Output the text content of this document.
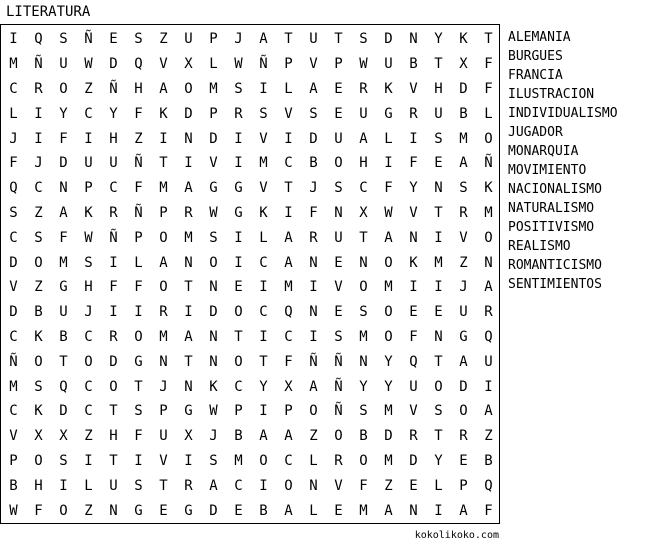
LITERATURA
I	Q	S	Ñ	E	S	Z	U	P	J	A	T	U	T	S	D	N	Y	K	T
M	Ñ	U	W	D	Q	V	X	L	W	Ñ	P	V	P	W	U	B	T	X	F
C	R	O	Z	Ñ	H	A	O	M	S	I	L	A	E	R	K	V	H	D	F
L	I	Y	C	Y	F	K	D	P	R	S	V	S	E	U	G	R	U	B	L
J	I	F	I	H	Z	I	N	D	I	V	I	D	U	A	L	I	S	M	O
F	J	D	U	U	Ñ	T	I	V	I	M	C	B	O	H	I	F	E	A	Ñ
Q	C	N	P	C	F	M	A	G	G	V	T	J	S	C	F	Y	N	S	K
S	Z	A	K	R	Ñ	P	R	W	G	K	I	F	N	X	W	V	T	R	M
C	S	F	W	Ñ	P	O	M	S	I	L	A	R	U	T	A	N	I	V	O
D	O	M	S	I	L	A	N	O	I	C	A	N	E	N	O	K	M	Z	N
V	Z	G	H	F	F	O	T	N	E	I	M	I	V	O	M	I	I	J	A
D	B	U	J	I	I	R	I	D	O	C	Q	N	E	S	O	E	E	U	R
C	K	B	C	R	O	M	A	N	T	I	C	I	S	M	O	F	N	G	Q
Ñ	O	T	O	D	G	N	T	N	O	T	F	Ñ	Ñ	N	Y	Q	T	A	U
M	S	Q	C	O	T	J	N	K	C	Y	X	A	Ñ	Y	Y	U	O	D	I
C	K	D	C	T	S	P	G	W	P	I	P	O	Ñ	S	M	V	S	O	A
V	X	X	Z	H	F	U	X	J	B	A	A	Z	O	B	D	R	T	R	Z
P	O	S	I	T	I	V	I	S	M	O	C	L	R	O	M	D	Y	E	B
B	H	I	L	U	S	T	R	A	C	I	O	N	V	F	Z	E	L	P	Q
W	F	O	Z	N	G	E	G	D	E	B	A	L	E	M	A	N	I	A	F
ALEMANIA
BURGUES
FRANCIA
ILUSTRACION
INDIVIDUALISMO
JUGADOR
MONARQUIA
MOVIMIENTO
NACIONALISMO
NATURALISMO
POSITIVISMO
REALISMO
ROMANTICISMO
SENTIMIENTOS
kokolikoko.com
